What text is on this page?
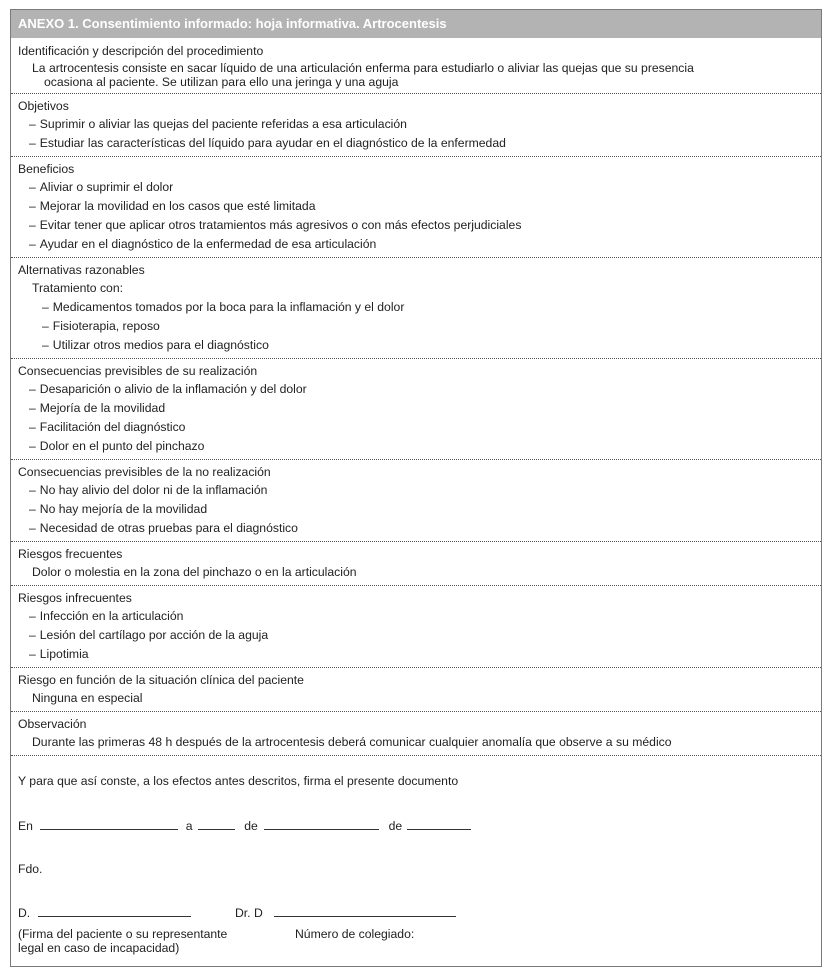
ANEXO 1. Consentimiento informado: hoja informativa. Artrocentesis
Identificación y descripción del procedimiento
La artrocentesis consiste en sacar líquido de una articulación enferma para estudiarlo o aliviar las quejas que su presencia
ocasiona al paciente. Se utilizan para ello una jeringa y una aguja
Objetivos
– Suprimir o aliviar las quejas del paciente referidas a esa articulación
– Estudiar las características del líquido para ayudar en el diagnóstico de la enfermedad
Beneficios
– Aliviar o suprimir el dolor
– Mejorar la movilidad en los casos que esté limitada
– Evitar tener que aplicar otros tratamientos más agresivos o con más efectos perjudiciales
– Ayudar en el diagnóstico de la enfermedad de esa articulación
Alternativas razonables
Tratamiento con:
– Medicamentos tomados por la boca para la inflamación y el dolor
– Fisioterapia, reposo
– Utilizar otros medios para el diagnóstico
Consecuencias previsibles de su realización
– Desaparición o alivio de la inflamación y del dolor
– Mejoría de la movilidad
– Facilitación del diagnóstico
– Dolor en el punto del pinchazo
Consecuencias previsibles de la no realización
– No hay alivio del dolor ni de la inflamación
– No hay mejoría de la movilidad
– Necesidad de otras pruebas para el diagnóstico
Riesgos frecuentes
Dolor o molestia en la zona del pinchazo o en la articulación
Riesgos infrecuentes
– Infección en la articulación
– Lesión del cartílago por acción de la aguja
– Lipotimia
Riesgo en función de la situación clínica del paciente
Ninguna en especial
Observación
Durante las primeras 48 h después de la artrocentesis deberá comunicar cualquier anomalía que observe a su médico
Y para que así conste, a los efectos antes descritos, firma el presente documento
En	a	de	de
Fdo.
D.	Dr. D
(Firma del paciente o su representante
legal en caso de incapacidad)
Número de colegiado:
